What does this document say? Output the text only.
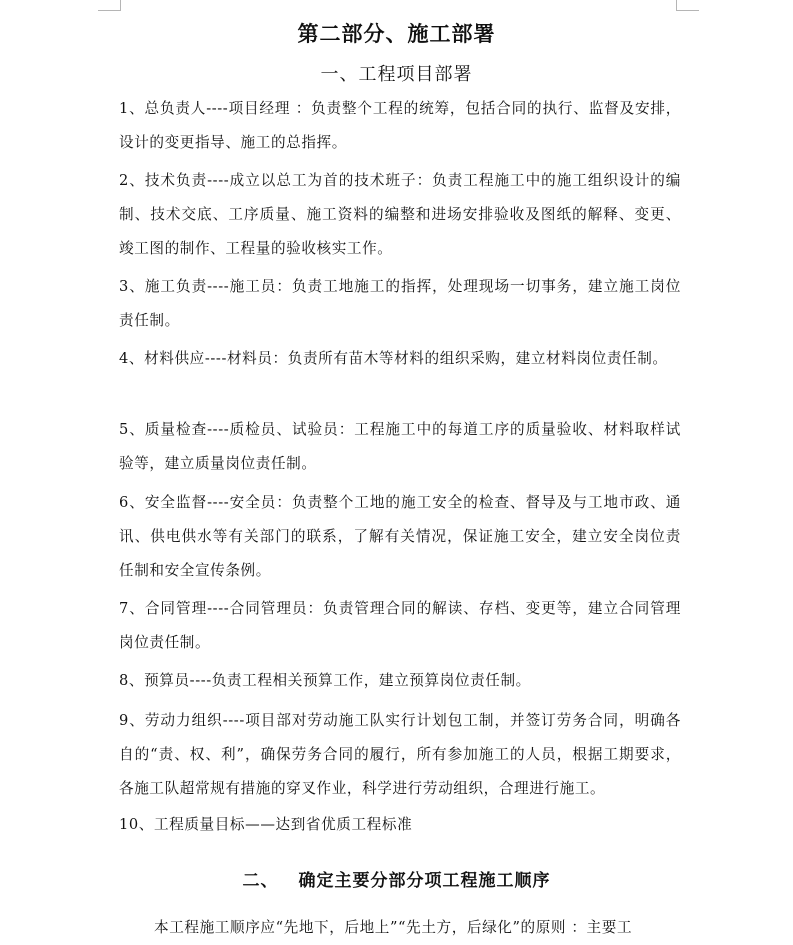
第二部分、施工部署
一、工程项目部署

1、总负责人----项目经理 ：负责整个工程的统筹，包括合同的执行、监督及安排，设计的变更指导、施工的总指挥。

2、技术负责----成立以总工为首的技术班子：负责工程施工中的施工组织设计的编制、技术交底、工序质量、施工资料的编整和进场安排验收及图纸的解释、变更、竣工图的制作、工程量的验收核实工作。

3、施工负责----施工员：负责工地施工的指挥，处理现场一切事务，建立施工岗位责任制。

4、材料供应----材料员：负责所有苗木等材料的组织采购，建立材料岗位责任制。

5、质量检查----质检员、试验员：工程施工中的每道工序的质量验收、材料取样试验等，建立质量岗位责任制。

6、安全监督----安全员：负责整个工地的施工安全的检查、督导及与工地市政、通讯、供电供水等有关部门的联系，了解有关情况，保证施工安全，建立安全岗位责任制和安全宣传条例。

7、合同管理----合同管理员：负责管理合同的解读、存档、变更等，建立合同管理岗位责任制。

8、预算员----负责工程相关预算工作，建立预算岗位责任制。

9、劳动力组织----项目部对劳动施工队实行计划包工制，并签订劳务合同，明确各自的“责、权、利”，确保劳务合同的履行，所有参加施工的人员，根据工期要求，各施工队超常规有措施的穿叉作业，科学进行劳动组织，合理进行施工。

10、工程质量目标——达到省优质工程标准

二、 确定主要分部分项工程施工顺序

本工程施工顺序应“先地下，后地上”“先土方，后绿化”的原则 ：主要工
